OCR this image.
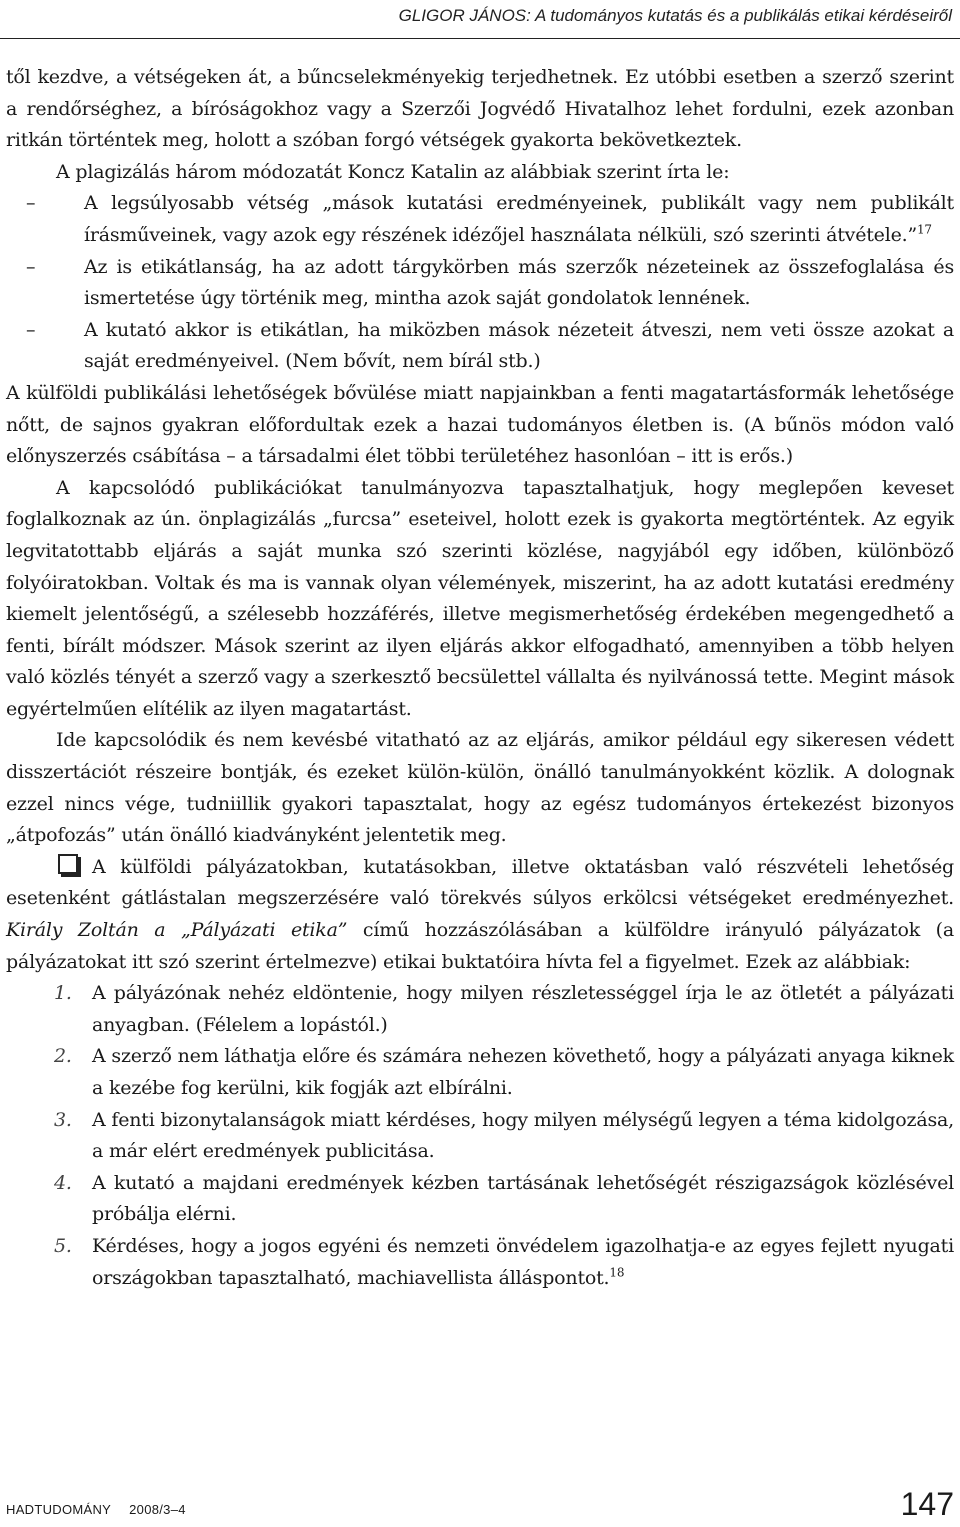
GLIGOR JÁNOS: A tudományos kutatás és a publikálás etikai kérdéseiről

től kezdve, a vétségeken át, a bűncselekményekig terjedhetnek. Ez utóbbi esetben a szerző szerint a rendőrséghez, a bíróságokhoz vagy a Szerzői Jogvédő Hivatalhoz lehet fordulni, ezek azonban ritkán történtek meg, holott a szóban forgó vétségek gyakorta bekövetkeztek.

A plagizálás három módozatát Koncz Katalin az alábbiak szerint írta le:

–	A legsúlyosabb vétség „mások kutatási eredményeinek, publikált vagy nem publikált írásműveinek, vagy azok egy részének idézőjel használata nélküli, szó szerinti átvétele.”$^{17}$
–	Az is etikátlanság, ha az adott tárgykörben más szerzők nézeteinek az összefoglalása és ismertetése úgy történik meg, mintha azok saját gondolatok lennének.
–	A kutató akkor is etikátlan, ha miközben mások nézeteit átveszi, nem veti össze azokat a saját eredményeivel. (Nem bővít, nem bírál stb.)

A külföldi publikálási lehetőségek bővülése miatt napjainkban a fenti magatartásformák lehetősége nőtt, de sajnos gyakran előfordultak ezek a hazai tudományos életben is. (A bűnös módon való előnyszerzés csábítása – a társadalmi élet többi területéhez hasonlóan – itt is erős.)

A kapcsolódó publikációkat tanulmányozva tapasztalhatjuk, hogy meglepően keveset foglalkoznak az ún. önplagizálás „furcsa” eseteivel, holott ezek is gyakorta megtörténtek. Az egyik legvitatottabb eljárás a saját munka szó szerinti közlése, nagyjából egy időben, különböző folyóiratokban. Voltak és ma is vannak olyan vélemények, miszerint, ha az adott kutatási eredmény kiemelt jelentőségű, a szélesebb hozzáférés, illetve megismerhetőség érdekében megengedhető a fenti, bírált módszer. Mások szerint az ilyen eljárás akkor elfogadható, amennyiben a több helyen való közlés tényét a szerző vagy a szerkesztő becsülettel vállalta és nyilvánossá tette. Megint mások egyértelműen elítélik az ilyen magatartást.

Ide kapcsolódik és nem kevésbé vitatható az az eljárás, amikor például egy sikeresen védett disszertációt részeire bontják, és ezeket külön-külön, önálló tanulmányokként közlik. A dolognak ezzel nincs vége, tudniillik gyakori tapasztalat, hogy az egész tudományos értekezést bizonyos „átpofozás” után önálló kiadványként jelentetik meg.

A külföldi pályázatokban, kutatásokban, illetve oktatásban való részvételi lehetőség esetenként gátlástalan megszerzésére való törekvés súlyos erkölcsi vétségeket eredményezhet. Király Zoltán a „Pályázati etika” című hozzászólásában a külföldre irányuló pályázatok (a pályázatokat itt szó szerint értelmezve) etikai buktatóira hívta fel a figyelmet. Ezek az alábbiak:

1. A pályázónak nehéz eldöntenie, hogy milyen részletességgel írja le az ötletét a pályázati anyagban. (Félelem a lopástól.)
2. A szerző nem láthatja előre és számára nehezen követhető, hogy a pályázati anyaga kiknek a kezébe fog kerülni, kik fogják azt elbírálni.
3. A fenti bizonytalanságok miatt kérdéses, hogy milyen mélységű legyen a téma kidolgozása, a már elért eredmények publicitása.
4. A kutató a majdani eredmények kézben tartásának lehetőségét részigazságok közlésével próbálja elérni.
5. Kérdéses, hogy a jogos egyéni és nemzeti önvédelem igazolhatja-e az egyes fejlett nyugati országokban tapasztalható, machiavellista álláspontot.$^{18}$
HADTUDOMÁNY 2008/3–4	147
